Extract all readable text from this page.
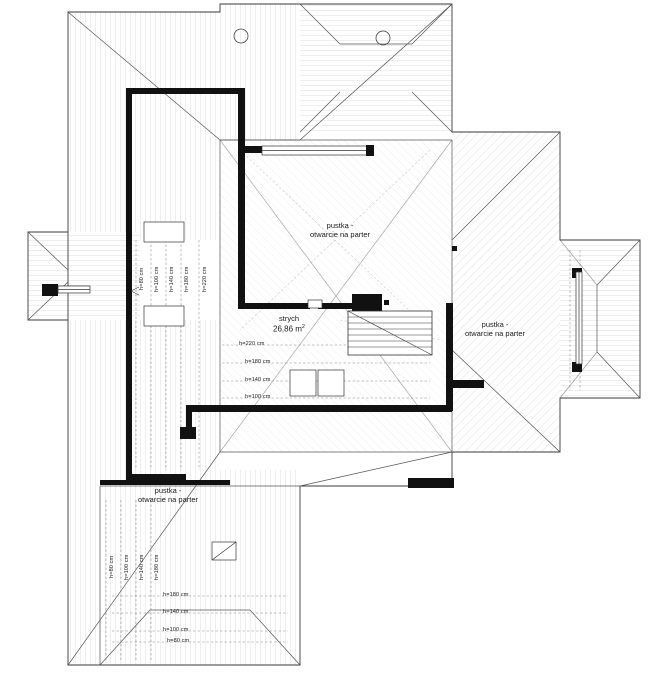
pustka -
otwarcie na parter
strych
26,86 $m^2$	pustka -
otwarcie na parter
pustka -
otwarcie na parter
h=80 cm h=100 cm h=140 cm h=180 cm h=220 cm
h=80 cm h=100 cm h=140 cm h=180 cm
h=220 cm
h=180 cm
h=140 cm
h=100 cm
h=80 cm
h=180 cm
h=140 cm
h=100 cm
h=80 cm
